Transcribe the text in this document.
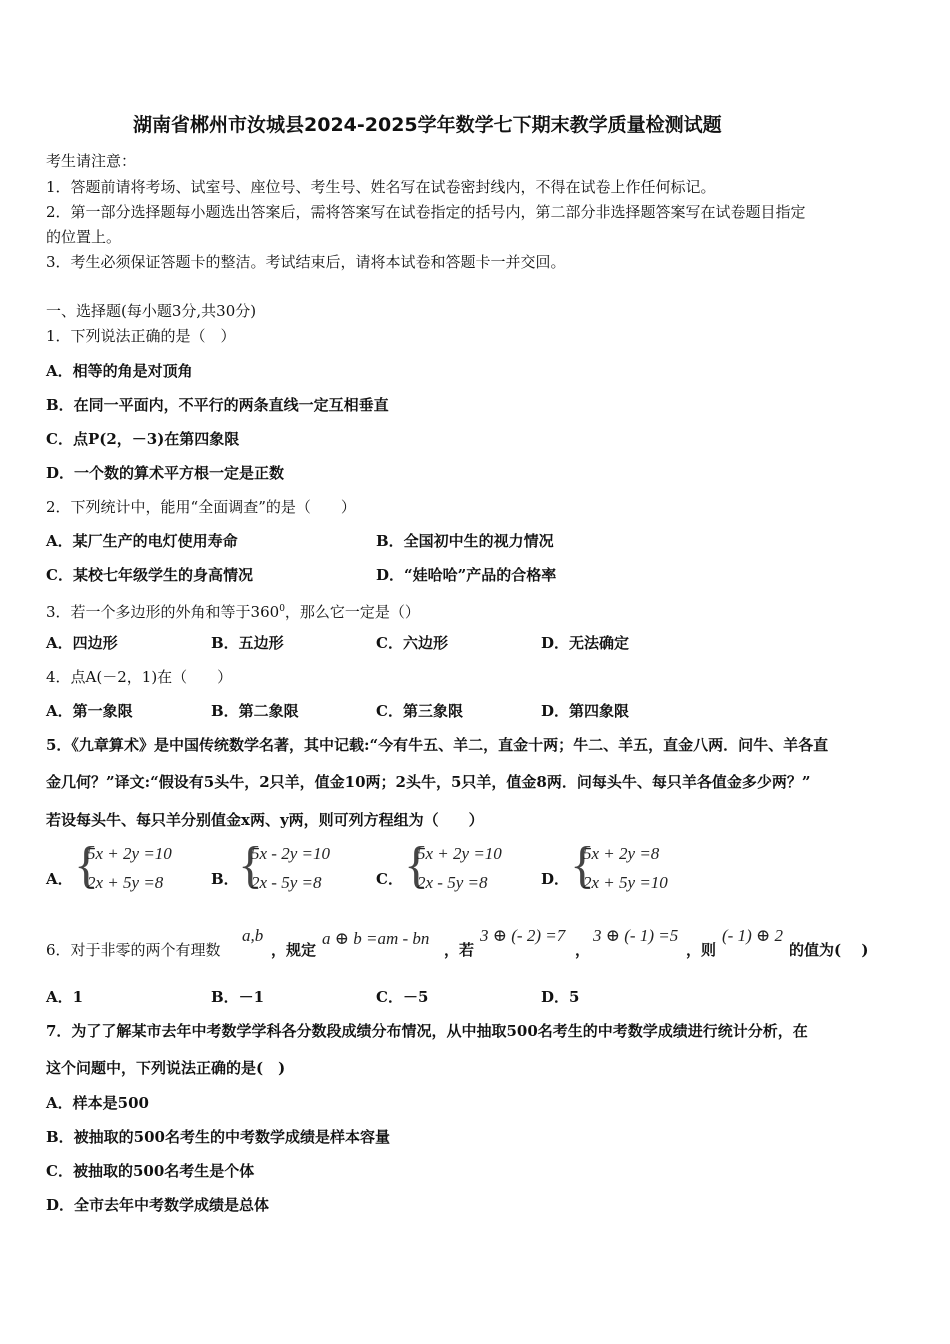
湖南省郴州市汝城县2024-2025学年数学七下期末教学质量检测试题
考生请注意：
1．答题前请将考场、试室号、座位号、考生号、姓名写在试卷密封线内，不得在试卷上作任何标记。
2．第一部分选择题每小题选出答案后，需将答案写在试卷指定的括号内，第二部分非选择题答案写在试卷题目指定
的位置上。
3．考生必须保证答题卡的整洁。考试结束后，请将本试卷和答题卡一并交回。
一、选择题(每小题3分,共30分)
1．下列说法正确的是（　）
A．相等的角是对顶角
B．在同一平面内，不平行的两条直线一定互相垂直
C．点P(2，－3)在第四象限
D．一个数的算术平方根一定是正数
2．下列统计中，能用“全面调查”的是（　　）
A．某厂生产的电灯使用寿命	B．全国初中生的视力情况
C．某校七年级学生的身高情况	D．“娃哈哈”产品的合格率
3．若一个多边形的外角和等于$360^0$，那么它一定是（）
A．四边形	B．五边形	C．六边形	D．无法确定
4．点A(－2，1)在（　　）
A．第一象限	B．第二象限	C．第三象限	D．第四象限
5．《九章算术》是中国传统数学名著，其中记载:“今有牛五、羊二，直金十两；牛二、羊五，直金八两．问牛、羊各直
金几何？”译文:“假设有5头牛，2只羊，值金10两；2头牛，5只羊，值金8两．问每头牛、每只羊各值金多少两？”
若设每头牛、每只羊分别值金x两、y两，则可列方程组为（　　）
A． {
5x + 2y =10
2x + 5y =8	B． {
5x - 2y =10
2x - 5y =8	C． {
5x + 2y =10
2x - 5y =8	D． {
5x + 2y =8
2x + 5y =10
6．对于非零的两个有理数
a,b
，规定
a ⊕ b =am - bn
，若
3 ⊕ (- 2) =7
，
3 ⊕ (- 1) =5
，则
(- 1) ⊕ 2
的值为(　 )
A．1	B．－1	C．－5	D．5
7．为了了解某市去年中考数学学科各分数段成绩分布情况，从中抽取500名考生的中考数学成绩进行统计分析，在
这个问题中，下列说法正确的是(　)
A．样本是500
B．被抽取的500名考生的中考数学成绩是样本容量
C．被抽取的500名考生是个体
D．全市去年中考数学成绩是总体
